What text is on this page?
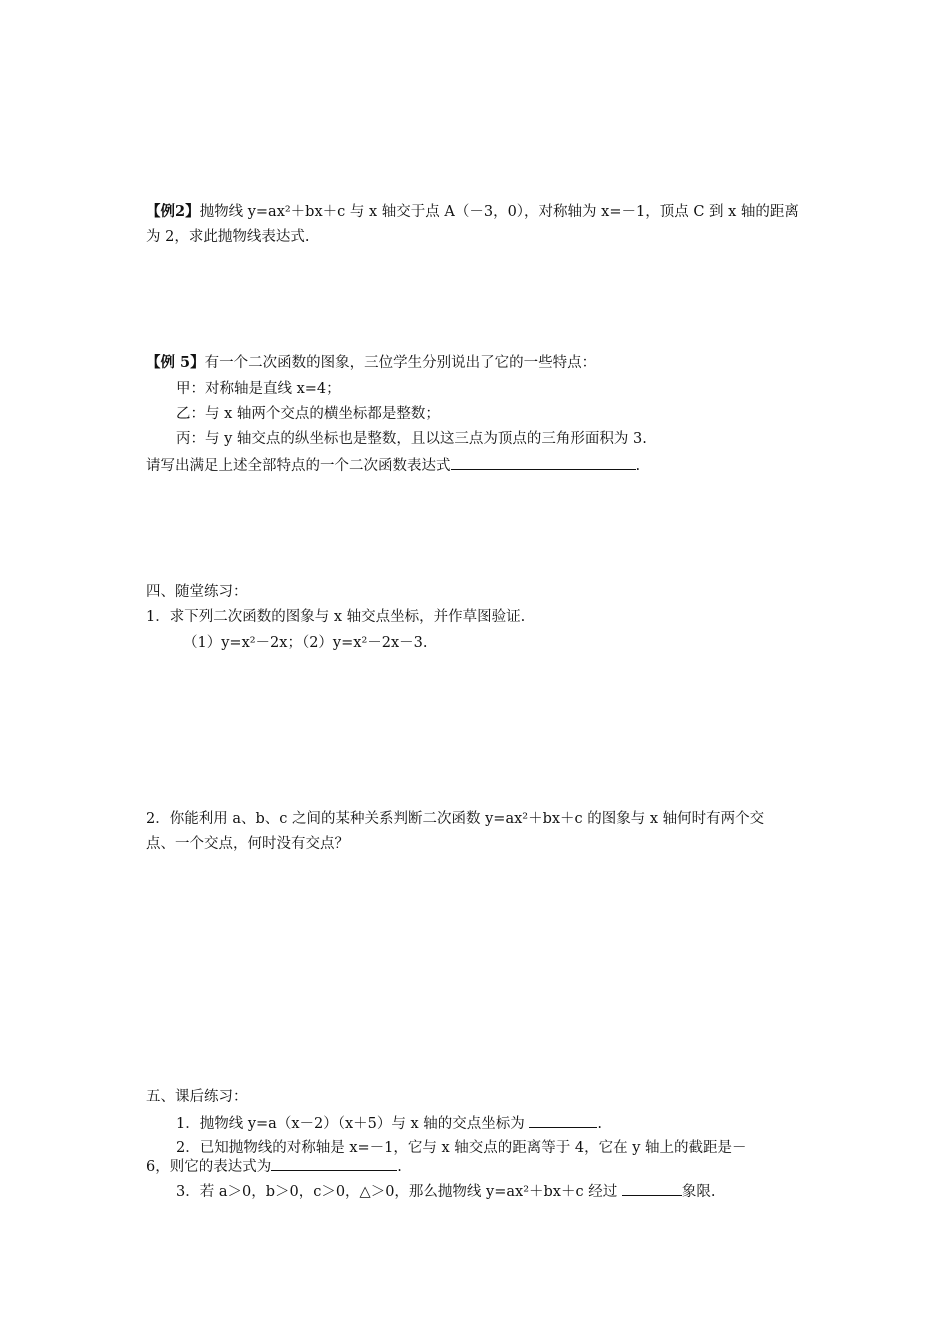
【例2】抛物线 y=ax²＋bx＋c 与 x 轴交于点 A（－3，0），对称轴为 x=－1，顶点 C 到 x 轴的距离
为 2，求此抛物线表达式.
【例 5】有一个二次函数的图象，三位学生分别说出了它的一些特点：
甲：对称轴是直线 x=4；
乙：与 x 轴两个交点的横坐标都是整数；
丙：与 y 轴交点的纵坐标也是整数，且以这三点为顶点的三角形面积为 3.
请写出满足上述全部特点的一个二次函数表达式	.
四、随堂练习：
1．求下列二次函数的图象与 x 轴交点坐标，并作草图验证.
（1）y=x²－2x；（2）y=x²－2x－3.
2．你能利用 a、b、c 之间的某种关系判断二次函数 y=ax²＋bx＋c 的图象与 x 轴何时有两个交
点、一个交点，何时没有交点？
五、课后练习：
1．抛物线 y=a（x－2）（x＋5）与 x 轴的交点坐标为	.
2．已知抛物线的对称轴是 x=－1，它与 x 轴交点的距离等于 4，它在 y 轴上的截距是－
6，则它的表达式为	.
3．若 a＞0，b＞0，c＞0，△＞0，那么抛物线 y=ax²＋bx＋c 经过	象限.
